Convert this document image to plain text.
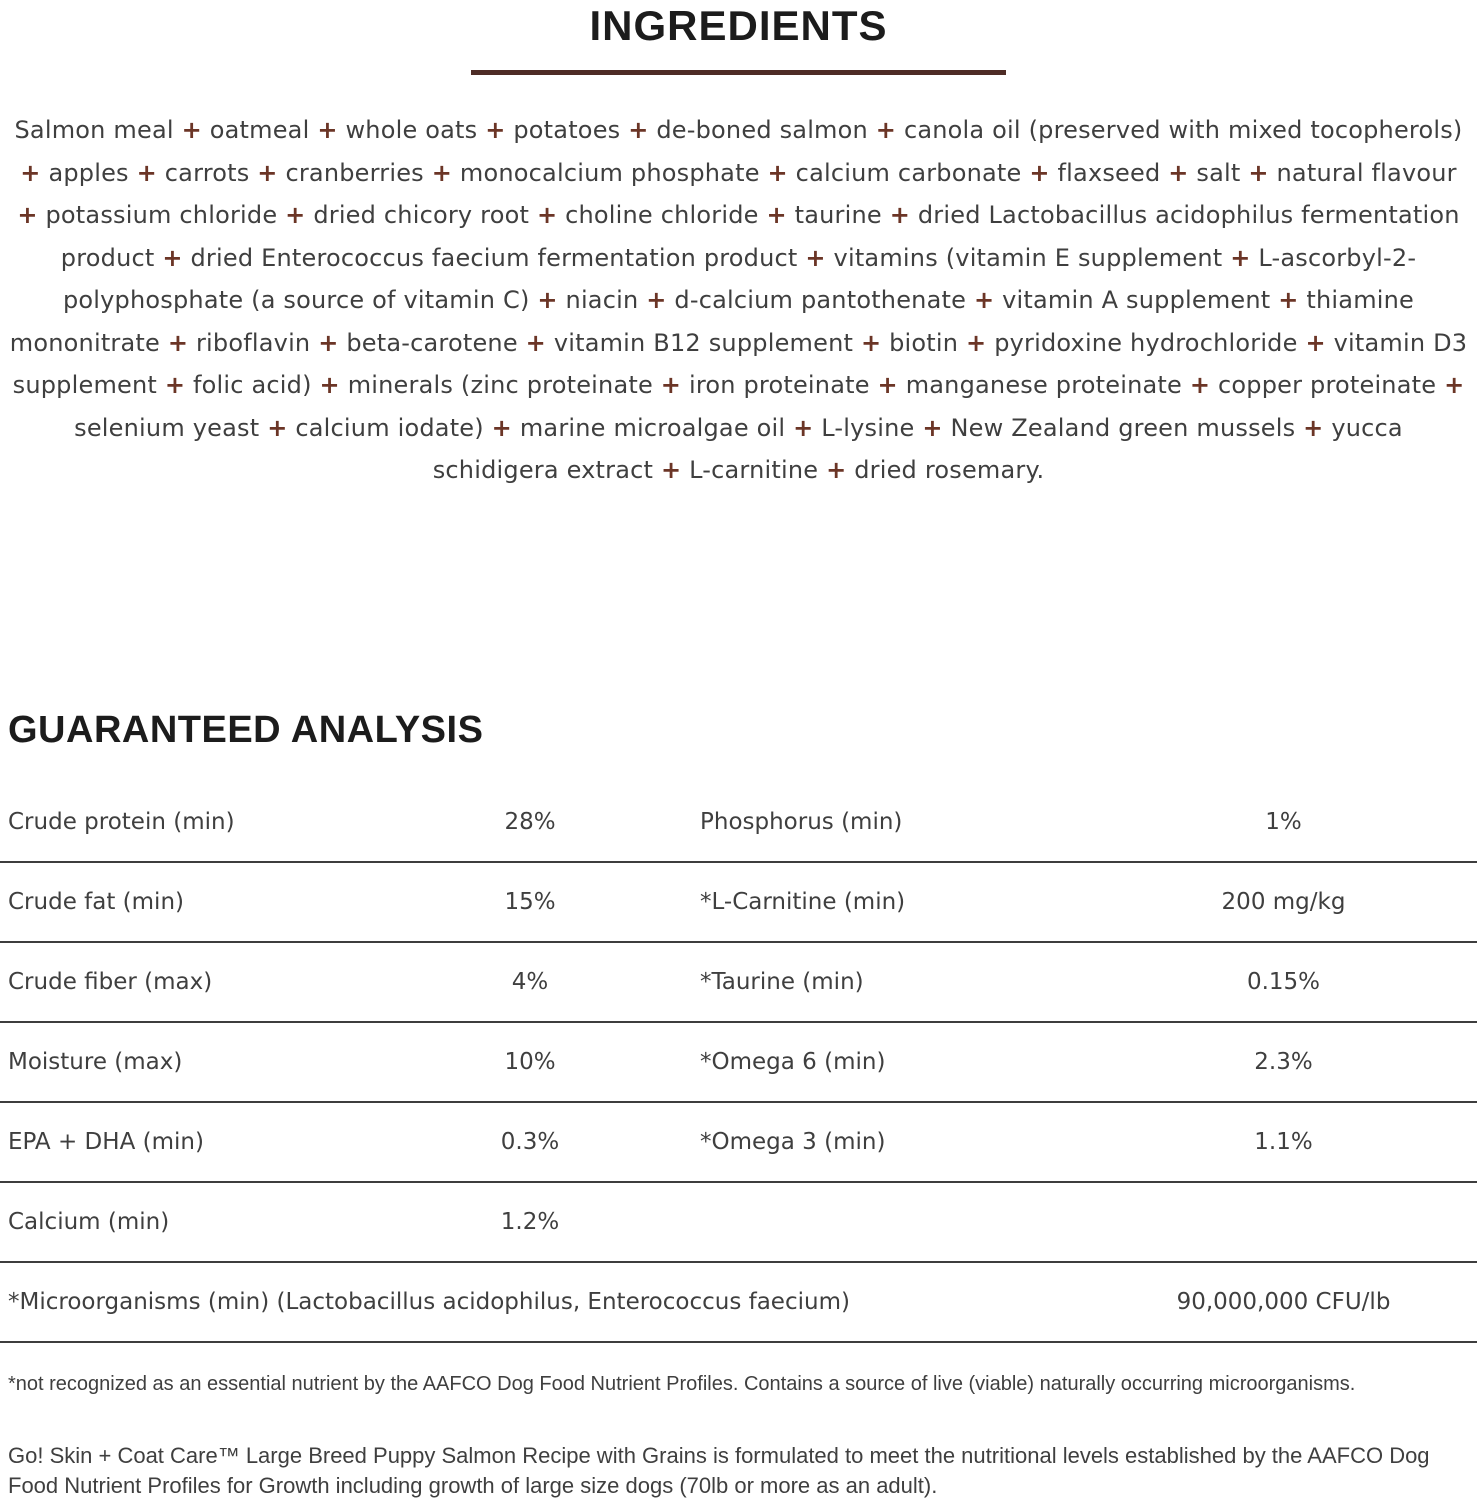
INGREDIENTS

Salmon meal + oatmeal + whole oats + potatoes + de-boned salmon + canola oil (preserved with mixed tocopherols) + apples + carrots + cranberries + monocalcium phosphate + calcium carbonate + flaxseed + salt + natural flavour + potassium chloride + dried chicory root + choline chloride + taurine + dried Lactobacillus acidophilus fermentation product + dried Enterococcus faecium fermentation product + vitamins (vitamin E supplement + L-ascorbyl-2-polyphosphate (a source of vitamin C) + niacin + d-calcium pantothenate + vitamin A supplement + thiamine mononitrate + riboflavin + beta-carotene + vitamin B12 supplement + biotin + pyridoxine hydrochloride + vitamin D3 supplement + folic acid) + minerals (zinc proteinate + iron proteinate + manganese proteinate + copper proteinate + selenium yeast + calcium iodate) + marine microalgae oil + L-lysine + New Zealand green mussels + yucca schidigera extract + L-carnitine + dried rosemary.

GUARANTEED ANALYSIS
Crude protein (min)	28%	Phosphorus (min)	1%
Crude fat (min)	15%	*L-Carnitine (min)	200 mg/kg
Crude fiber (max)	4%	*Taurine (min)	0.15%
Moisture (max)	10%	*Omega 6 (min)	2.3%
EPA + DHA (min)	0.3%	*Omega 3 (min)	1.1%
Calcium (min)	1.2%
*Microorganisms (min) (Lactobacillus acidophilus, Enterococcus faecium)	90,000,000 CFU/lb

*not recognized as an essential nutrient by the AAFCO Dog Food Nutrient Profiles. Contains a source of live (viable) naturally occurring microorganisms.

Go! Skin + Coat Care™ Large Breed Puppy Salmon Recipe with Grains is formulated to meet the nutritional levels established by the AAFCO Dog Food Nutrient Profiles for Growth including growth of large size dogs (70lb or more as an adult).
